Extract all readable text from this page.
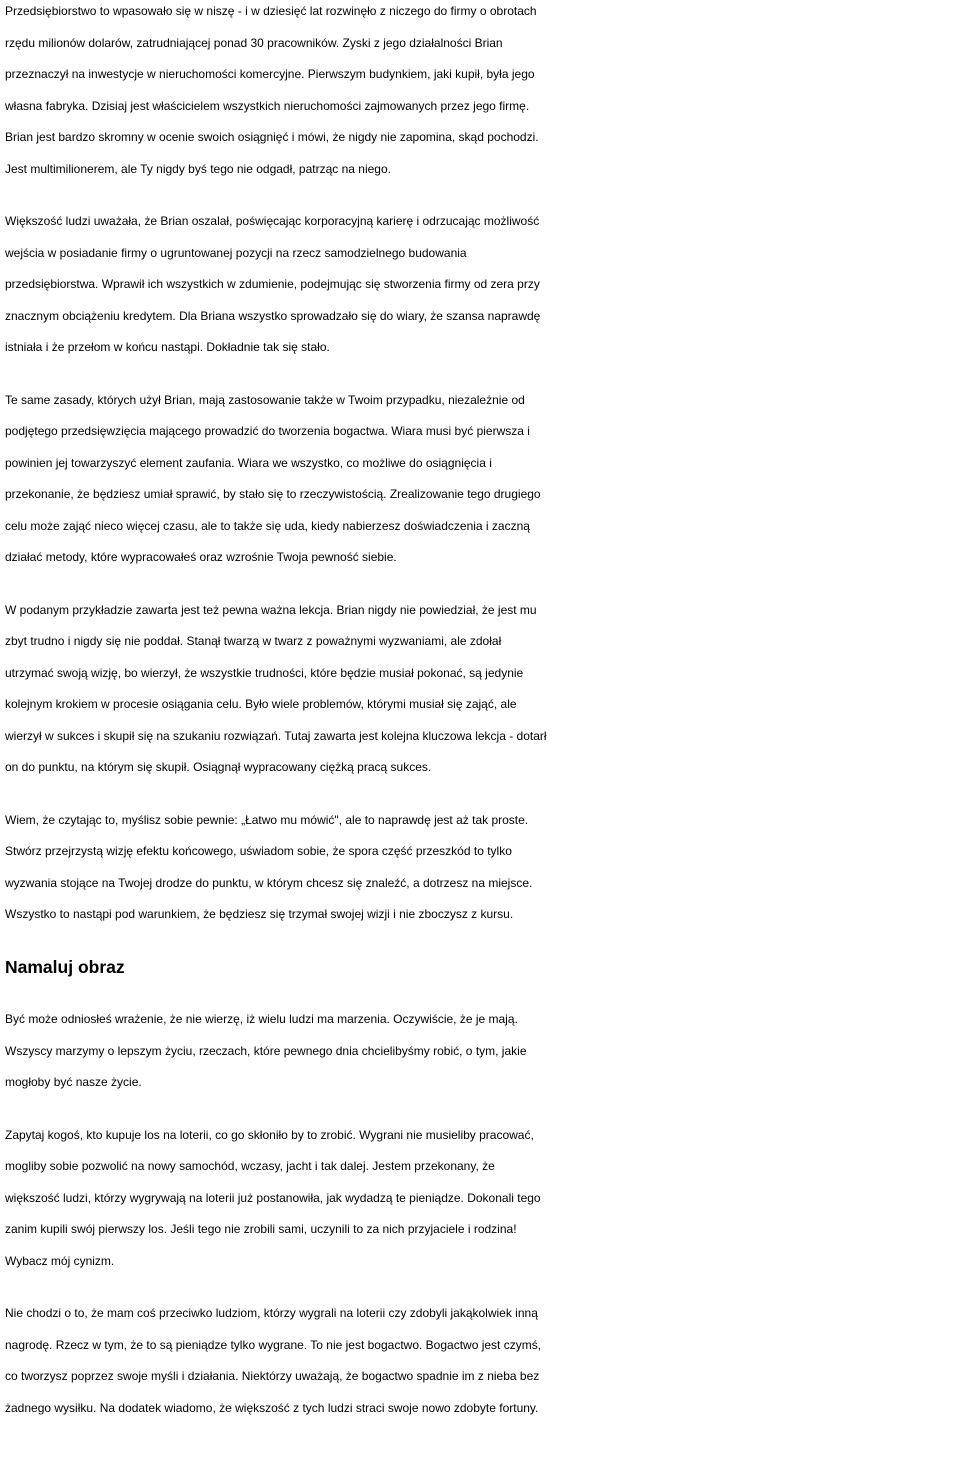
Przedsiębiorstwo to wpasowało się w niszę - i w dziesięć lat rozwinęło z niczego do firmy o obrotach
rzędu milionów dolarów, zatrudniającej ponad 30 pracowników. Zyski z jego działalności Brian
przeznaczył na inwestycje w nieruchomości komercyjne. Pierwszym budynkiem, jaki kupił, była jego
własna fabryka. Dzisiaj jest właścicielem wszystkich nieruchomości zajmowanych przez jego firmę.
Brian jest bardzo skromny w ocenie swoich osiągnięć i mówi, że nigdy nie zapomina, skąd pochodzi.
Jest multimilionerem, ale Ty nigdy byś tego nie odgadł, patrząc na niego.
Większość ludzi uważała, że Brian oszalał, poświęcając korporacyjną karierę i odrzucając możliwość
wejścia w posiadanie firmy o ugruntowanej pozycji na rzecz samodzielnego budowania
przedsiębiorstwa. Wprawił ich wszystkich w zdumienie, podejmując się stworzenia firmy od zera przy
znacznym obciążeniu kredytem. Dla Briana wszystko sprowadzało się do wiary, że szansa naprawdę
istniała i że przełom w końcu nastąpi. Dokładnie tak się stało.
Te same zasady, których użył Brian, mają zastosowanie także w Twoim przypadku, niezależnie od
podjętego przedsięwzięcia mającego prowadzić do tworzenia bogactwa. Wiara musi być pierwsza i
powinien jej towarzyszyć element zaufania. Wiara we wszystko, co możliwe do osiągnięcia i
przekonanie, że będziesz umiał sprawić, by stało się to rzeczywistością. Zrealizowanie tego drugiego
celu może zająć nieco więcej czasu, ale to także się uda, kiedy nabierzesz doświadczenia i zaczną
działać metody, które wypracowałeś oraz wzrośnie Twoja pewność siebie.
W podanym przykładzie zawarta jest też pewna ważna lekcja. Brian nigdy nie powiedział, że jest mu
zbyt trudno i nigdy się nie poddał. Stanął twarzą w twarz z poważnymi wyzwaniami, ale zdołał
utrzymać swoją wizję, bo wierzył, że wszystkie trudności, które będzie musiał pokonać, są jedynie
kolejnym krokiem w procesie osiągania celu. Było wiele problemów, którymi musiał się zająć, ale
wierzył w sukces i skupił się na szukaniu rozwiązań. Tutaj zawarta jest kolejna kluczowa lekcja - dotarł
on do punktu, na którym się skupił. Osiągnął wypracowany ciężką pracą sukces.
Wiem, że czytając to, myślisz sobie pewnie: „Łatwo mu mówić", ale to naprawdę jest aż tak proste.
Stwórz przejrzystą wizję efektu końcowego, uświadom sobie, że spora część przeszkód to tylko
wyzwania stojące na Twojej drodze do punktu, w którym chcesz się znaleźć, a dotrzesz na miejsce.
Wszystko to nastąpi pod warunkiem, że będziesz się trzymał swojej wizji i nie zboczysz z kursu.
Namaluj obraz
Być może odniosłeś wrażenie, że nie wierzę, iż wielu ludzi ma marzenia. Oczywiście, że je mają.
Wszyscy marzymy o lepszym życiu, rzeczach, które pewnego dnia chcielibyśmy robić, o tym, jakie
mogłoby być nasze życie.
Zapytaj kogoś, kto kupuje los na loterii, co go skłoniło by to zrobić. Wygrani nie musieliby pracować,
mogliby sobie pozwolić na nowy samochód, wczasy, jacht i tak dalej. Jestem przekonany, że
większość ludzi, którzy wygrywają na loterii już postanowiła, jak wydadzą te pieniądze. Dokonali tego
zanim kupili swój pierwszy los. Jeśli tego nie zrobili sami, uczynili to za nich przyjaciele i rodzina!
Wybacz mój cynizm.
Nie chodzi o to, że mam coś przeciwko ludziom, którzy wygrali na loterii czy zdobyli jakąkolwiek inną
nagrodę. Rzecz w tym, że to są pieniądze tylko wygrane. To nie jest bogactwo. Bogactwo jest czymś,
co tworzysz poprzez swoje myśli i działania. Niektórzy uważają, że bogactwo spadnie im z nieba bez
żadnego wysiłku. Na dodatek wiadomo, że większość z tych ludzi straci swoje nowo zdobyte fortuny.
